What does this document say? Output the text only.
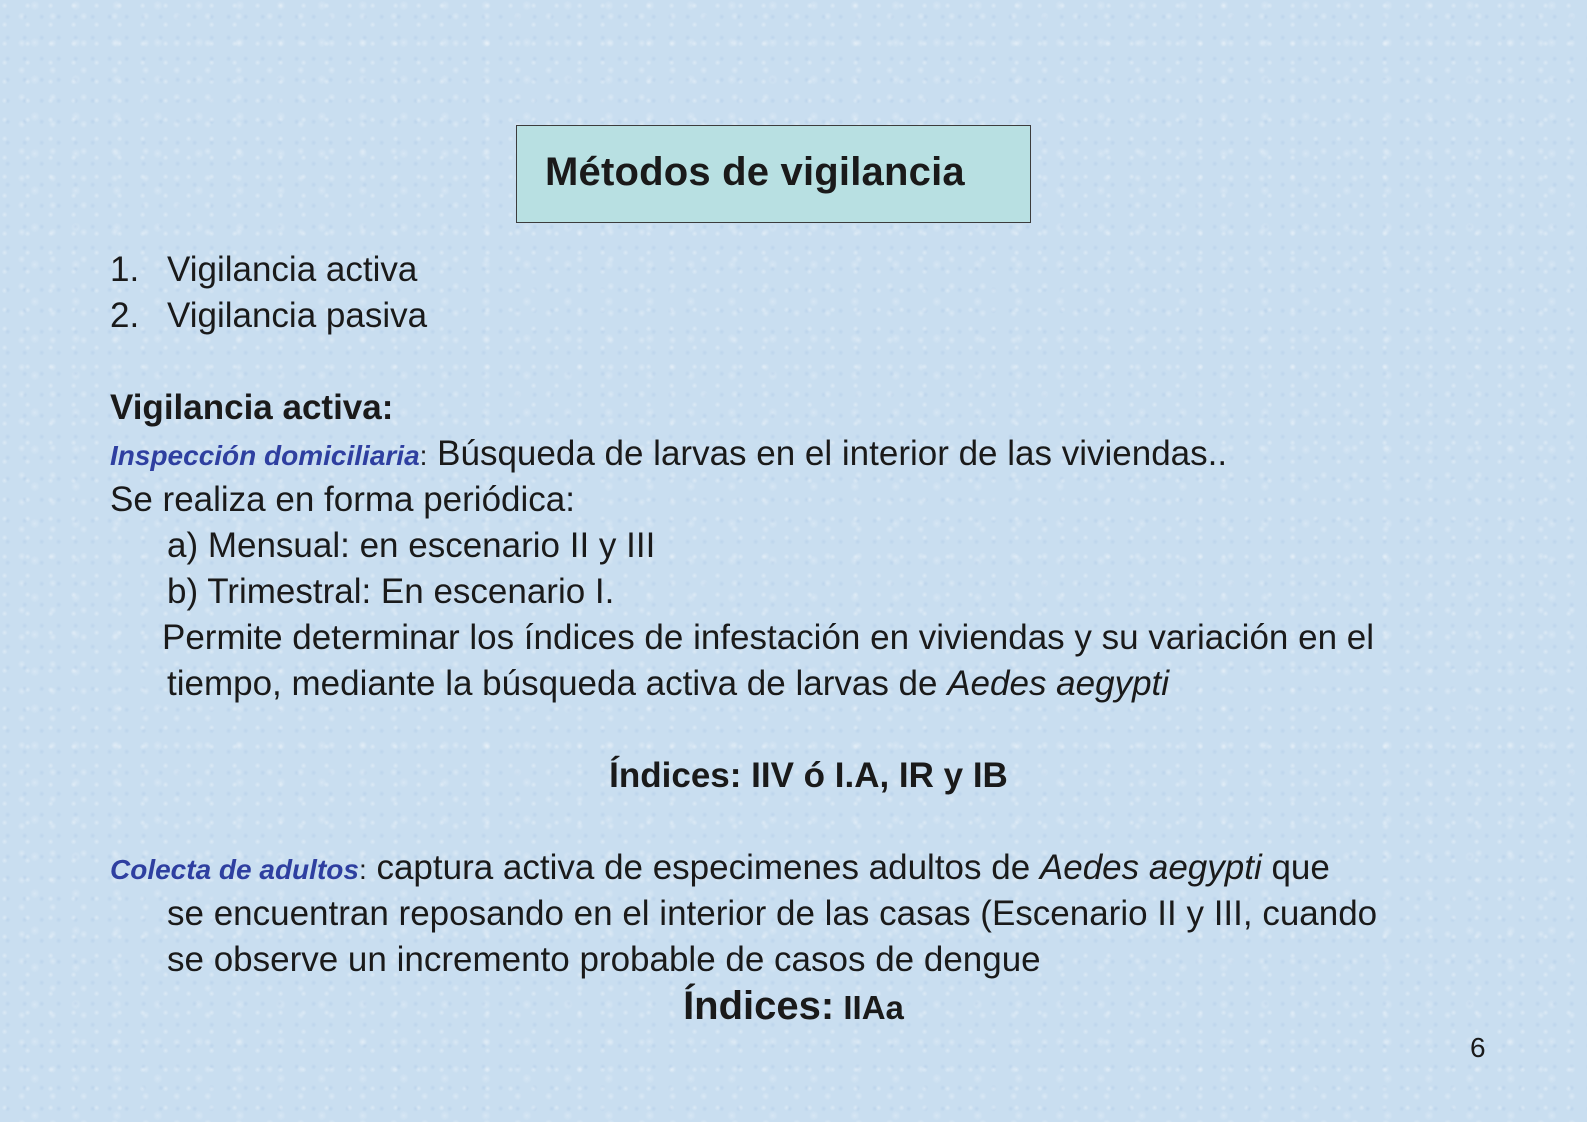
Métodos de vigilancia
1. Vigilancia activa
2. Vigilancia pasiva
Vigilancia activa:
Inspección domiciliaria: Búsqueda de larvas en el interior de las viviendas..
Se realiza en forma periódica:
a) Mensual: en escenario II y III
b) Trimestral: En escenario I.
Permite determinar los índices de infestación en viviendas y su variación en el
tiempo, mediante la búsqueda activa de larvas de Aedes aegypti
Índices: IIV ó I.A, IR y IB
Colecta de adultos: captura activa de especimenes adultos de Aedes aegypti que
se encuentran reposando en el interior de las casas (Escenario II y III, cuando
se observe un incremento probable de casos de dengue
Índices: IIAa
6
